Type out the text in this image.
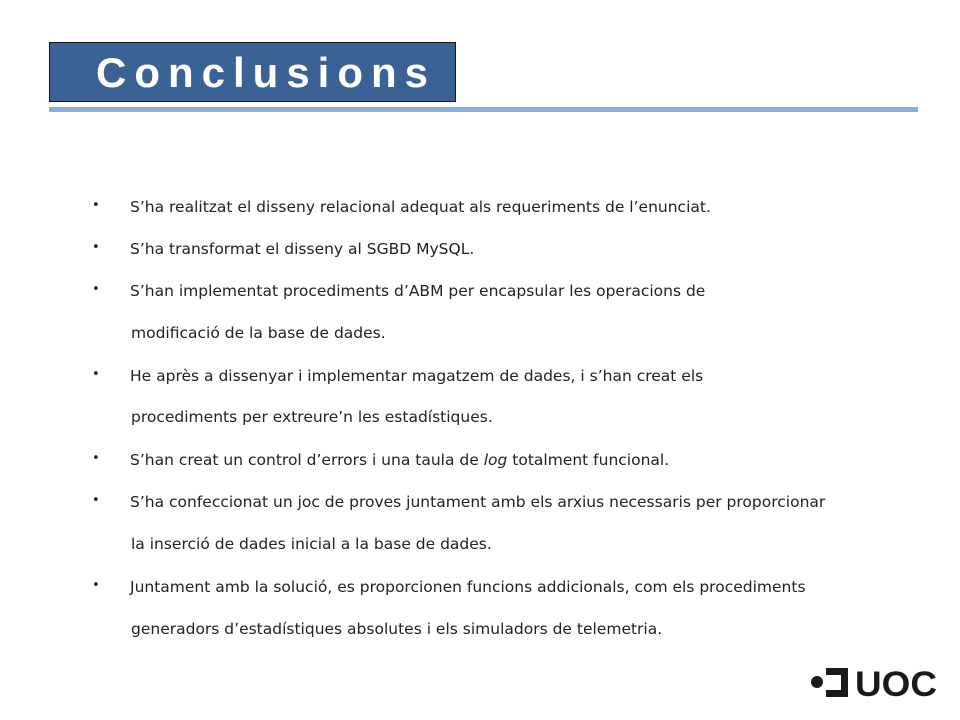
Conclusions
• S’ha realitzat el disseny relacional adequat als requeriments de l’enunciat.
• S’ha transformat el disseny al SGBD MySQL.
• S’han implementat procediments d’ABM per encapsular les operacions de
modificació de la base de dades.
• He après a dissenyar i implementar magatzem de dades, i s’han creat els
procediments per extreure’n les estadístiques.
• S’han creat un control d’errors i una taula de log totalment funcional.
• S’ha confeccionat un joc de proves juntament amb els arxius necessaris per proporcionar
la inserció de dades inicial a la base de dades.
• Juntament amb la solució, es proporcionen funcions addicionals, com els procediments
generadors d’estadístiques absolutes i els simuladors de telemetria.
UOC
